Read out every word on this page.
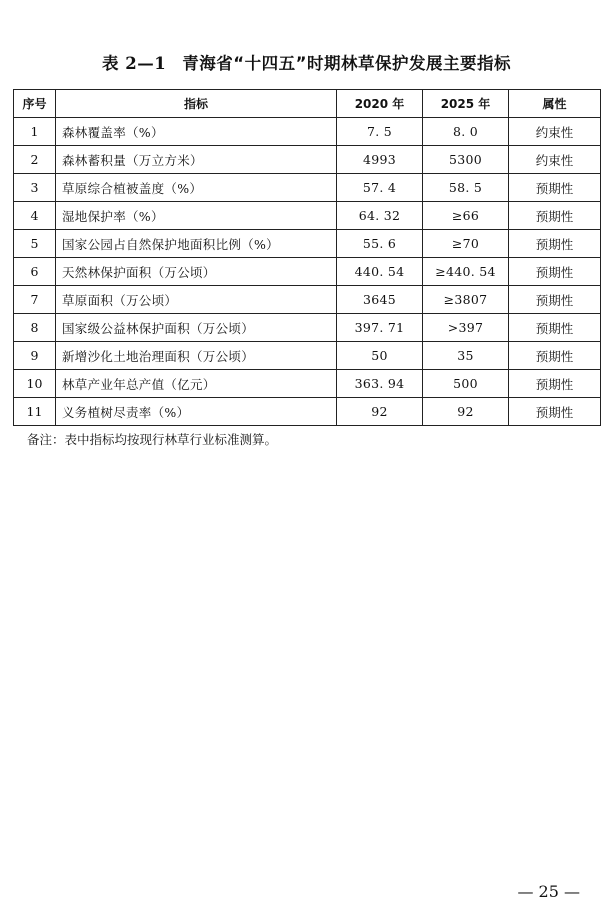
表 2—1 青海省“十四五”时期林草保护发展主要指标
序号	指标	2020 年	2025 年	属性
1	森林覆盖率（%）	7. 5	8. 0	约束性
2	森林蓄积量（万立方米）	4993	5300	约束性
3	草原综合植被盖度（%）	57. 4	58. 5	预期性
4	湿地保护率（%）	64. 32	≥66	预期性
5	国家公园占自然保护地面积比例（%）	55. 6	≥70	预期性
6	天然林保护面积（万公顷）	440. 54	≥440. 54	预期性
7	草原面积（万公顷）	3645	≥3807	预期性
8	国家级公益林保护面积（万公顷）	397. 71	>397	预期性
9	新增沙化土地治理面积（万公顷）	50	35	预期性
10	林草产业年总产值（亿元）	363. 94	500	预期性
11	义务植树尽责率（%）	92	92	预期性
备注：表中指标均按现行林草行业标准测算。
— 25 —
